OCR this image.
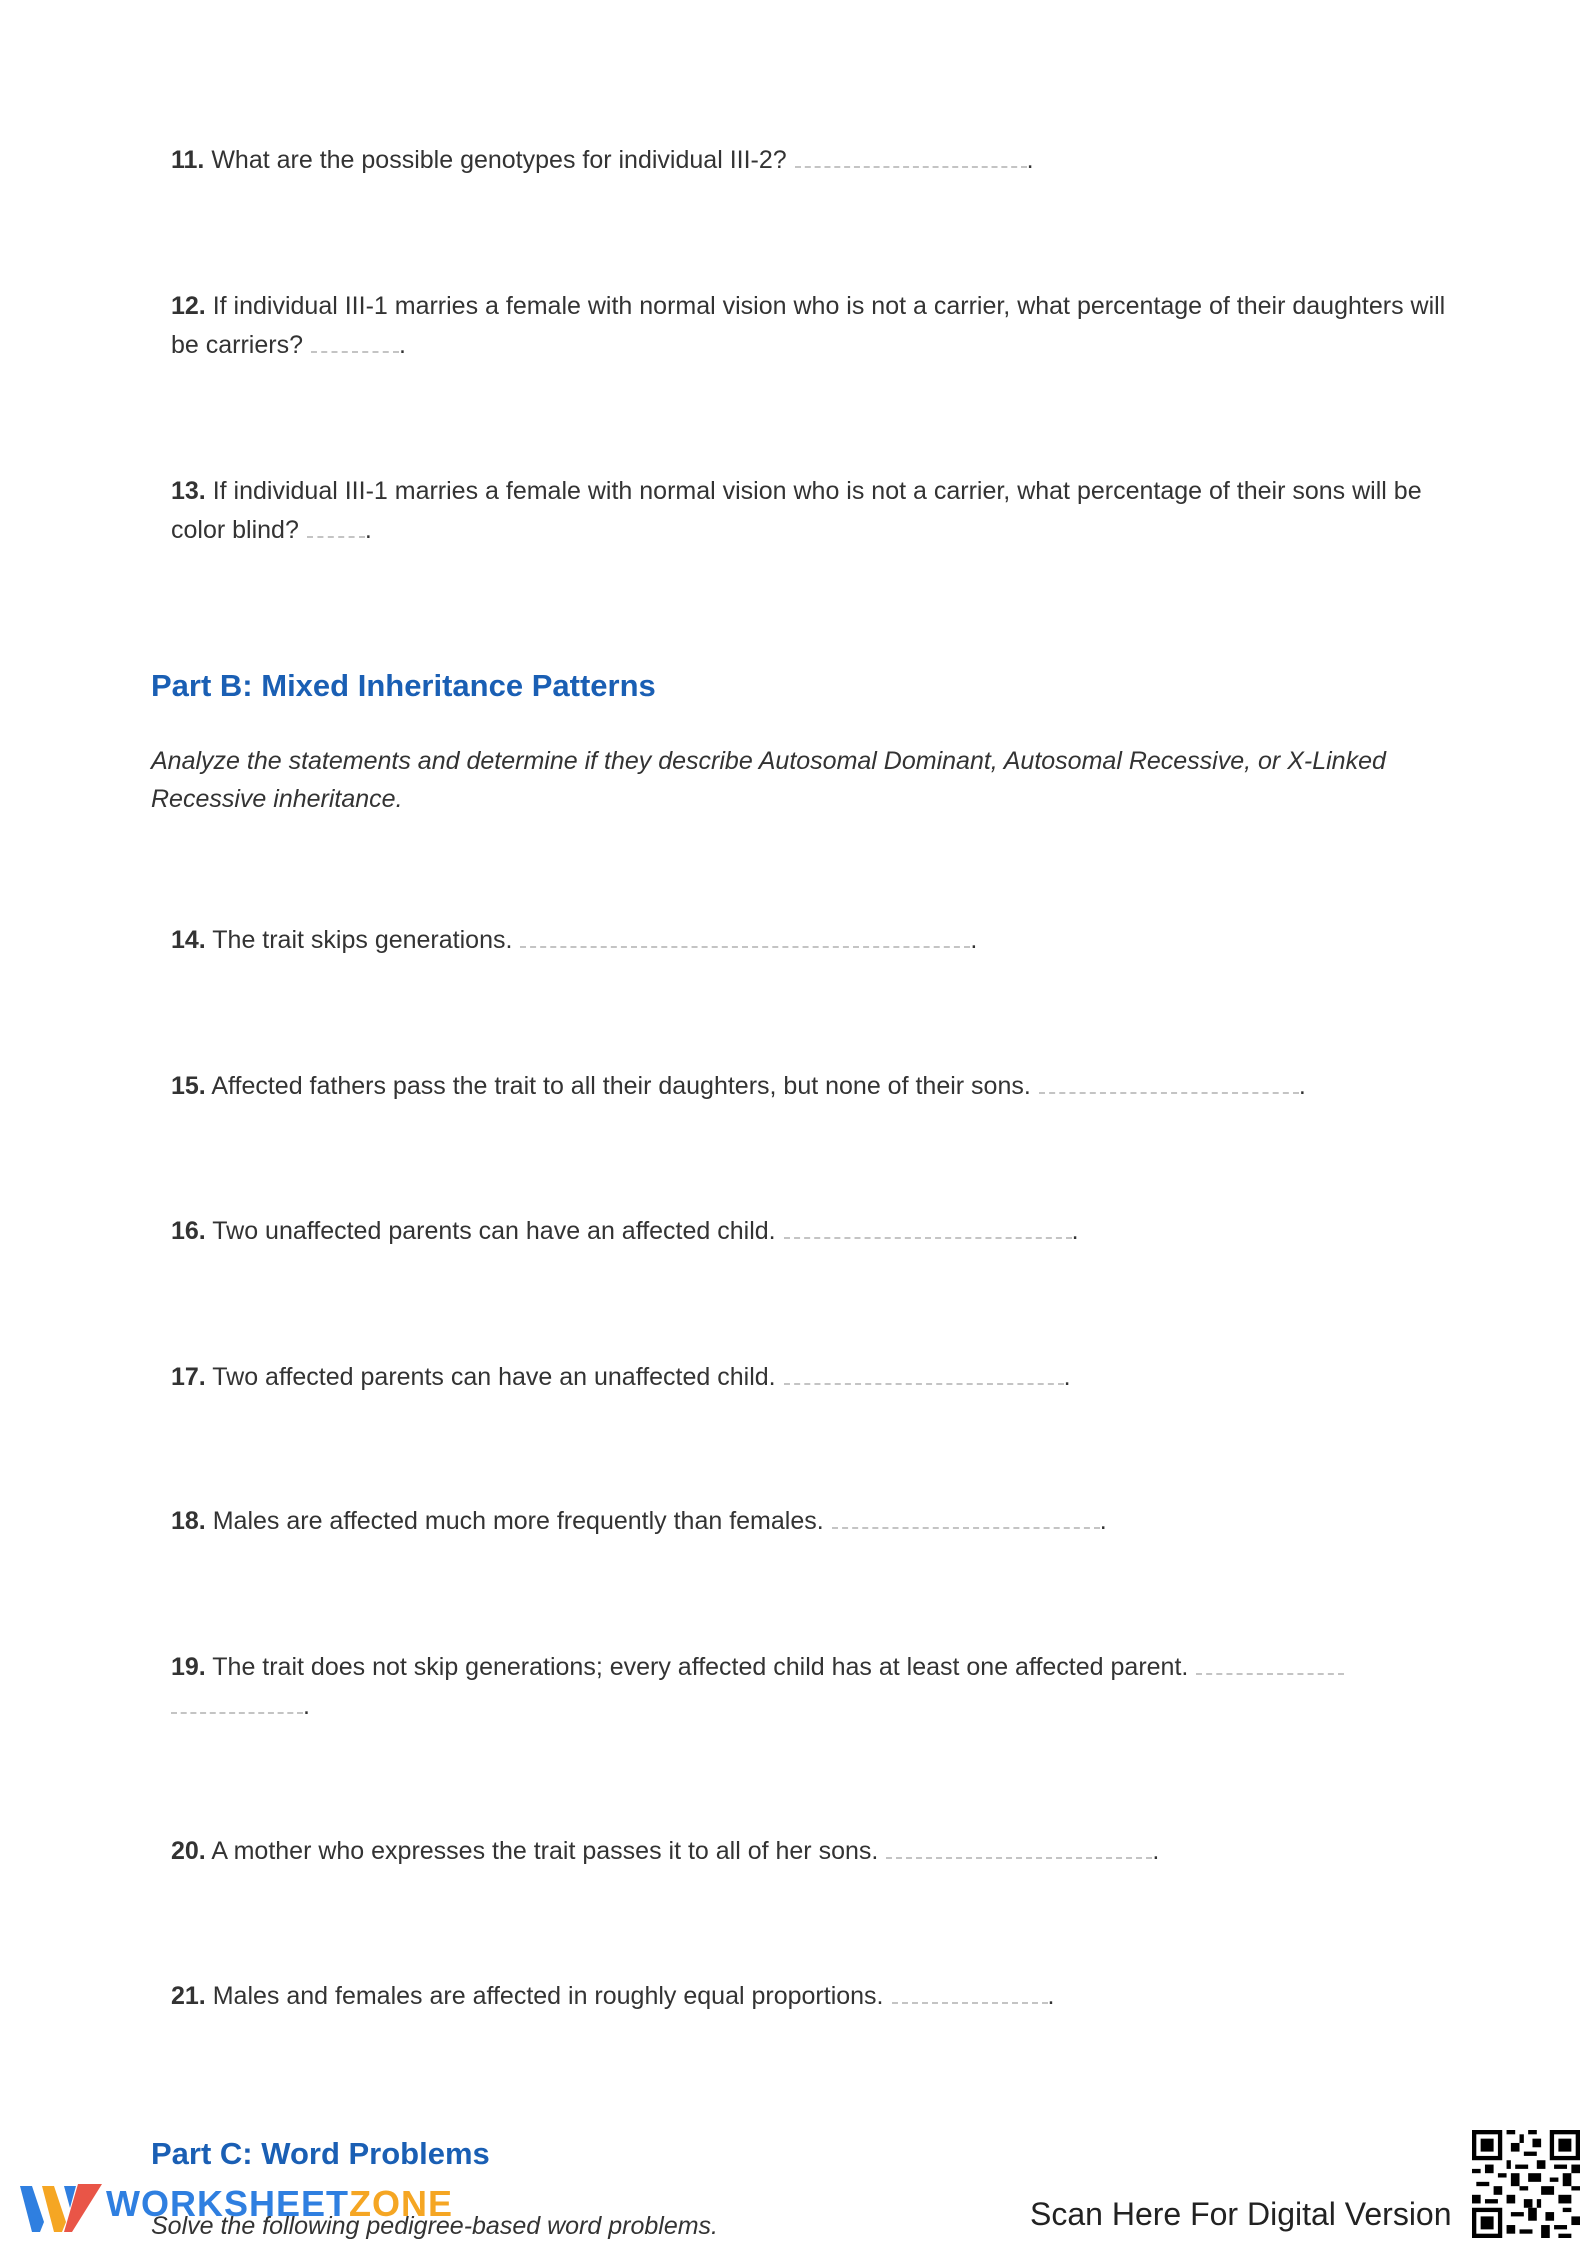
11. What are the possible genotypes for individual III-2?	.
12. If individual III-1 marries a female with normal vision who is not a carrier, what percentage of their daughters will be carriers?	.
13. If individual III-1 marries a female with normal vision who is not a carrier, what percentage of their sons will be color blind?	.
Part B: Mixed Inheritance Patterns
Analyze the statements and determine if they describe Autosomal Dominant, Autosomal Recessive, or X-Linked Recessive inheritance.
14. The trait skips generations.	.
15. Affected fathers pass the trait to all their daughters, but none of their sons.	.
16. Two unaffected parents can have an affected child.	.
17. Two affected parents can have an unaffected child.	.
18. Males are affected much more frequently than females.	.
19. The trait does not skip generations; every affected child has at least one affected parent.
.
20. A mother who expresses the trait passes it to all of her sons.	.
21. Males and females are affected in roughly equal proportions.	.
Part C: Word Problems
Solve the following pedigree-based word problems.
WORKSHEETZONE	Scan Here For Digital Version
